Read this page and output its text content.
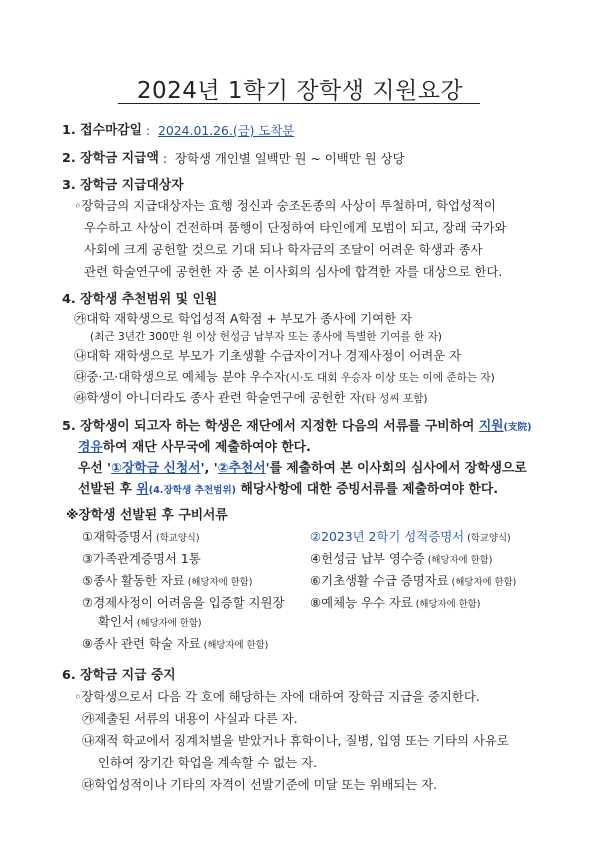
2024년 1학기 장학생 지원요강
1. 접수마감일 : 2024.01.26.(금) 도착분
2. 장학금 지급액 : 장학생 개인별 일백만 원 ~ 이백만 원 상당
3. 장학금 지급대상자
◦장학금의 지급대상자는 효행 정신과 숭조돈종의 사상이 투철하며, 학업성적이
우수하고 사상이 건전하며 품행이 단정하여 타인에게 모범이 되고, 장래 국가와
사회에 크게 공헌할 것으로 기대 되나 학자금의 조달이 어려운 학생과 종사
관련 학술연구에 공헌한 자 중 본 이사회의 심사에 합격한 자를 대상으로 한다.
4. 장학생 추천범위 및 인원
㉮대학 재학생으로 학업성적 A학점 + 부모가 종사에 기여한 자
(최근 3년간 300만 원 이상 헌성금 납부자 또는 종사에 특별한 기여를 한 자)
㉯대학 재학생으로 부모가 기초생활 수급자이거나 경제사정이 어려운 자
㉰중·고·대학생으로 예체능 분야 우수자(시·도 대회 우승자 이상 또는 이에 준하는 자)
㉱학생이 아니더라도 종사 관련 학술연구에 공헌한 자(타 성씨 포함)
5. 장학생이 되고자 하는 학생은 재단에서 지정한 다음의 서류를 구비하여 지원(支院)
경유하여 재단 사무국에 제출하여야 한다.
우선 '①장학금 신청서', '②추천서'를 제출하여 본 이사회의 심사에서 장학생으로
선발된 후 위(4.장학생 추천범위) 해당사항에 대한 증빙서류를 제출하여야 한다.
※장학생 선발된 후 구비서류
①재학증명서 (학교양식)	②2023년 2학기 성적증명서 (학교양식)
③가족관계증명서 1통	④헌성금 납부 영수증 (해당자에 한함)
⑤종사 활동한 자료 (해당자에 한함)	⑥기초생활 수급 증명자료 (해당자에 한함)
⑦경제사정이 어려움을 입증할 지원장 ⑧예체능 우수 자료 (해당자에 한함)
확인서 (해당자에 한함)
⑨종사 관련 학술 자료 (해당자에 한함)
6. 장학금 지급 중지
◦장학생으로서 다음 각 호에 해당하는 자에 대하여 장학금 지급을 중지한다.
㉮제출된 서류의 내용이 사실과 다른 자.
㉯재적 학교에서 징계처벌을 받았거나 휴학이나, 질병, 입영 또는 기타의 사유로
인하여 장기간 학업을 계속할 수 없는 자.
㉰학업성적이나 기타의 자격이 선발기준에 미달 또는 위배되는 자.
